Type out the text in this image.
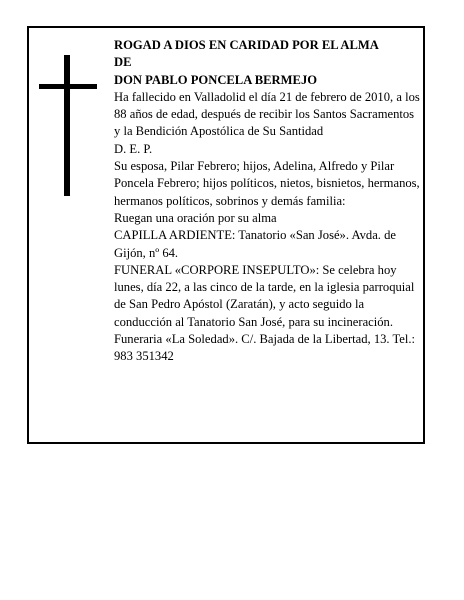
ROGAD A DIOS EN CARIDAD POR EL ALMA

DE

DON PABLO PONCELA BERMEJO

Ha fallecido en Valladolid el día 21 de febrero de 2010, a los 88 años de edad, después de recibir los Santos Sacramentos y la Bendición Apostólica de Su Santidad

D. E. P.

Su esposa, Pilar Febrero; hijos, Adelina, Alfredo y Pilar Poncela Febrero; hijos políticos, nietos, bisnietos, hermanos, hermanos políticos, sobrinos y demás familia:

Ruegan una oración por su alma

CAPILLA ARDIENTE: Tanatorio «San José». Avda. de Gijón, nº 64.

FUNERAL «CORPORE INSEPULTO»: Se celebra hoy lunes, día 22, a las cinco de la tarde, en la iglesia parroquial de San Pedro Apóstol (Zaratán), y acto seguido la conducción al Tanatorio San José, para su incineración.

Funeraria «La Soledad». C/. Bajada de la Libertad, 13. Tel.: 983 351342
